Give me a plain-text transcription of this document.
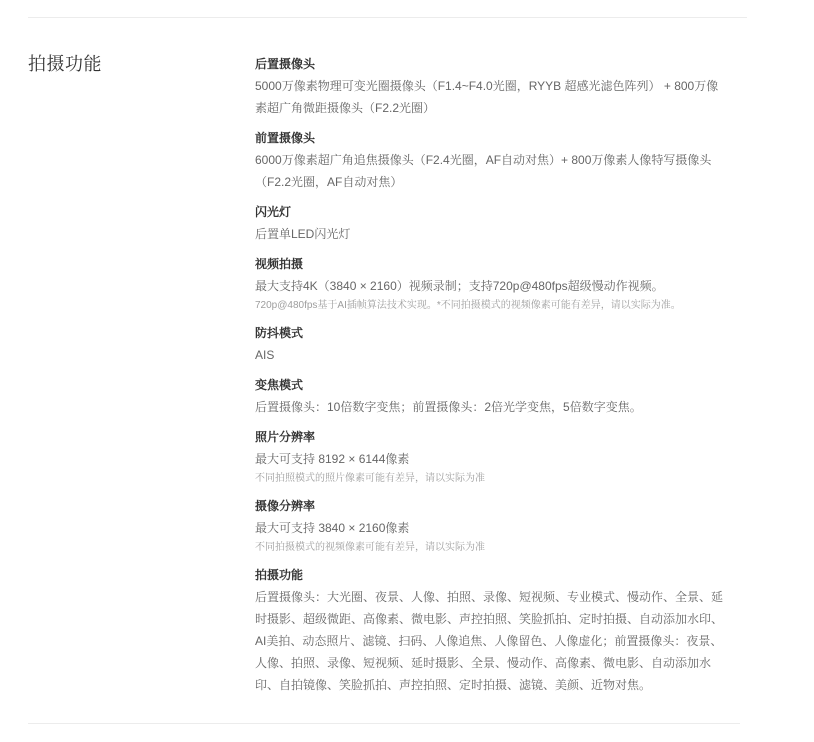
拍摄功能	后置摄像头

5000万像素物理可变光圈摄像头（F1.4~F4.0光圈，RYYB 超感光滤色阵列） + 800万像素超广角微距摄像头（F2.2光圈）

前置摄像头

6000万像素超广角追焦摄像头（F2.4光圈，AF自动对焦）+ 800万像素人像特写摄像头（F2.2光圈，AF自动对焦）

闪光灯

后置单LED闪光灯

视频拍摄

最大支持4K（3840 × 2160）视频录制；支持720p@480fps超级慢动作视频。

720p@480fps基于AI插帧算法技术实现。*不同拍摄模式的视频像素可能有差异，请以实际为准。

防抖模式

AIS

变焦模式

后置摄像头：10倍数字变焦；前置摄像头：2倍光学变焦，5倍数字变焦。

照片分辨率

最大可支持 8192 × 6144像素

不同拍照模式的照片像素可能有差异，请以实际为准

摄像分辨率

最大可支持 3840 × 2160像素

不同拍摄模式的视频像素可能有差异，请以实际为准

拍摄功能

后置摄像头：大光圈、夜景、人像、拍照、录像、短视频、专业模式、慢动作、全景、延时摄影、超级微距、高像素、微电影、声控拍照、笑脸抓拍、定时拍摄、自动添加水印、AI美拍、动态照片、滤镜、扫码、人像追焦、人像留色、人像虚化；前置摄像头：夜景、人像、拍照、录像、短视频、延时摄影、全景、慢动作、高像素、微电影、自动添加水印、自拍镜像、笑脸抓拍、声控拍照、定时拍摄、滤镜、美颜、近物对焦。
